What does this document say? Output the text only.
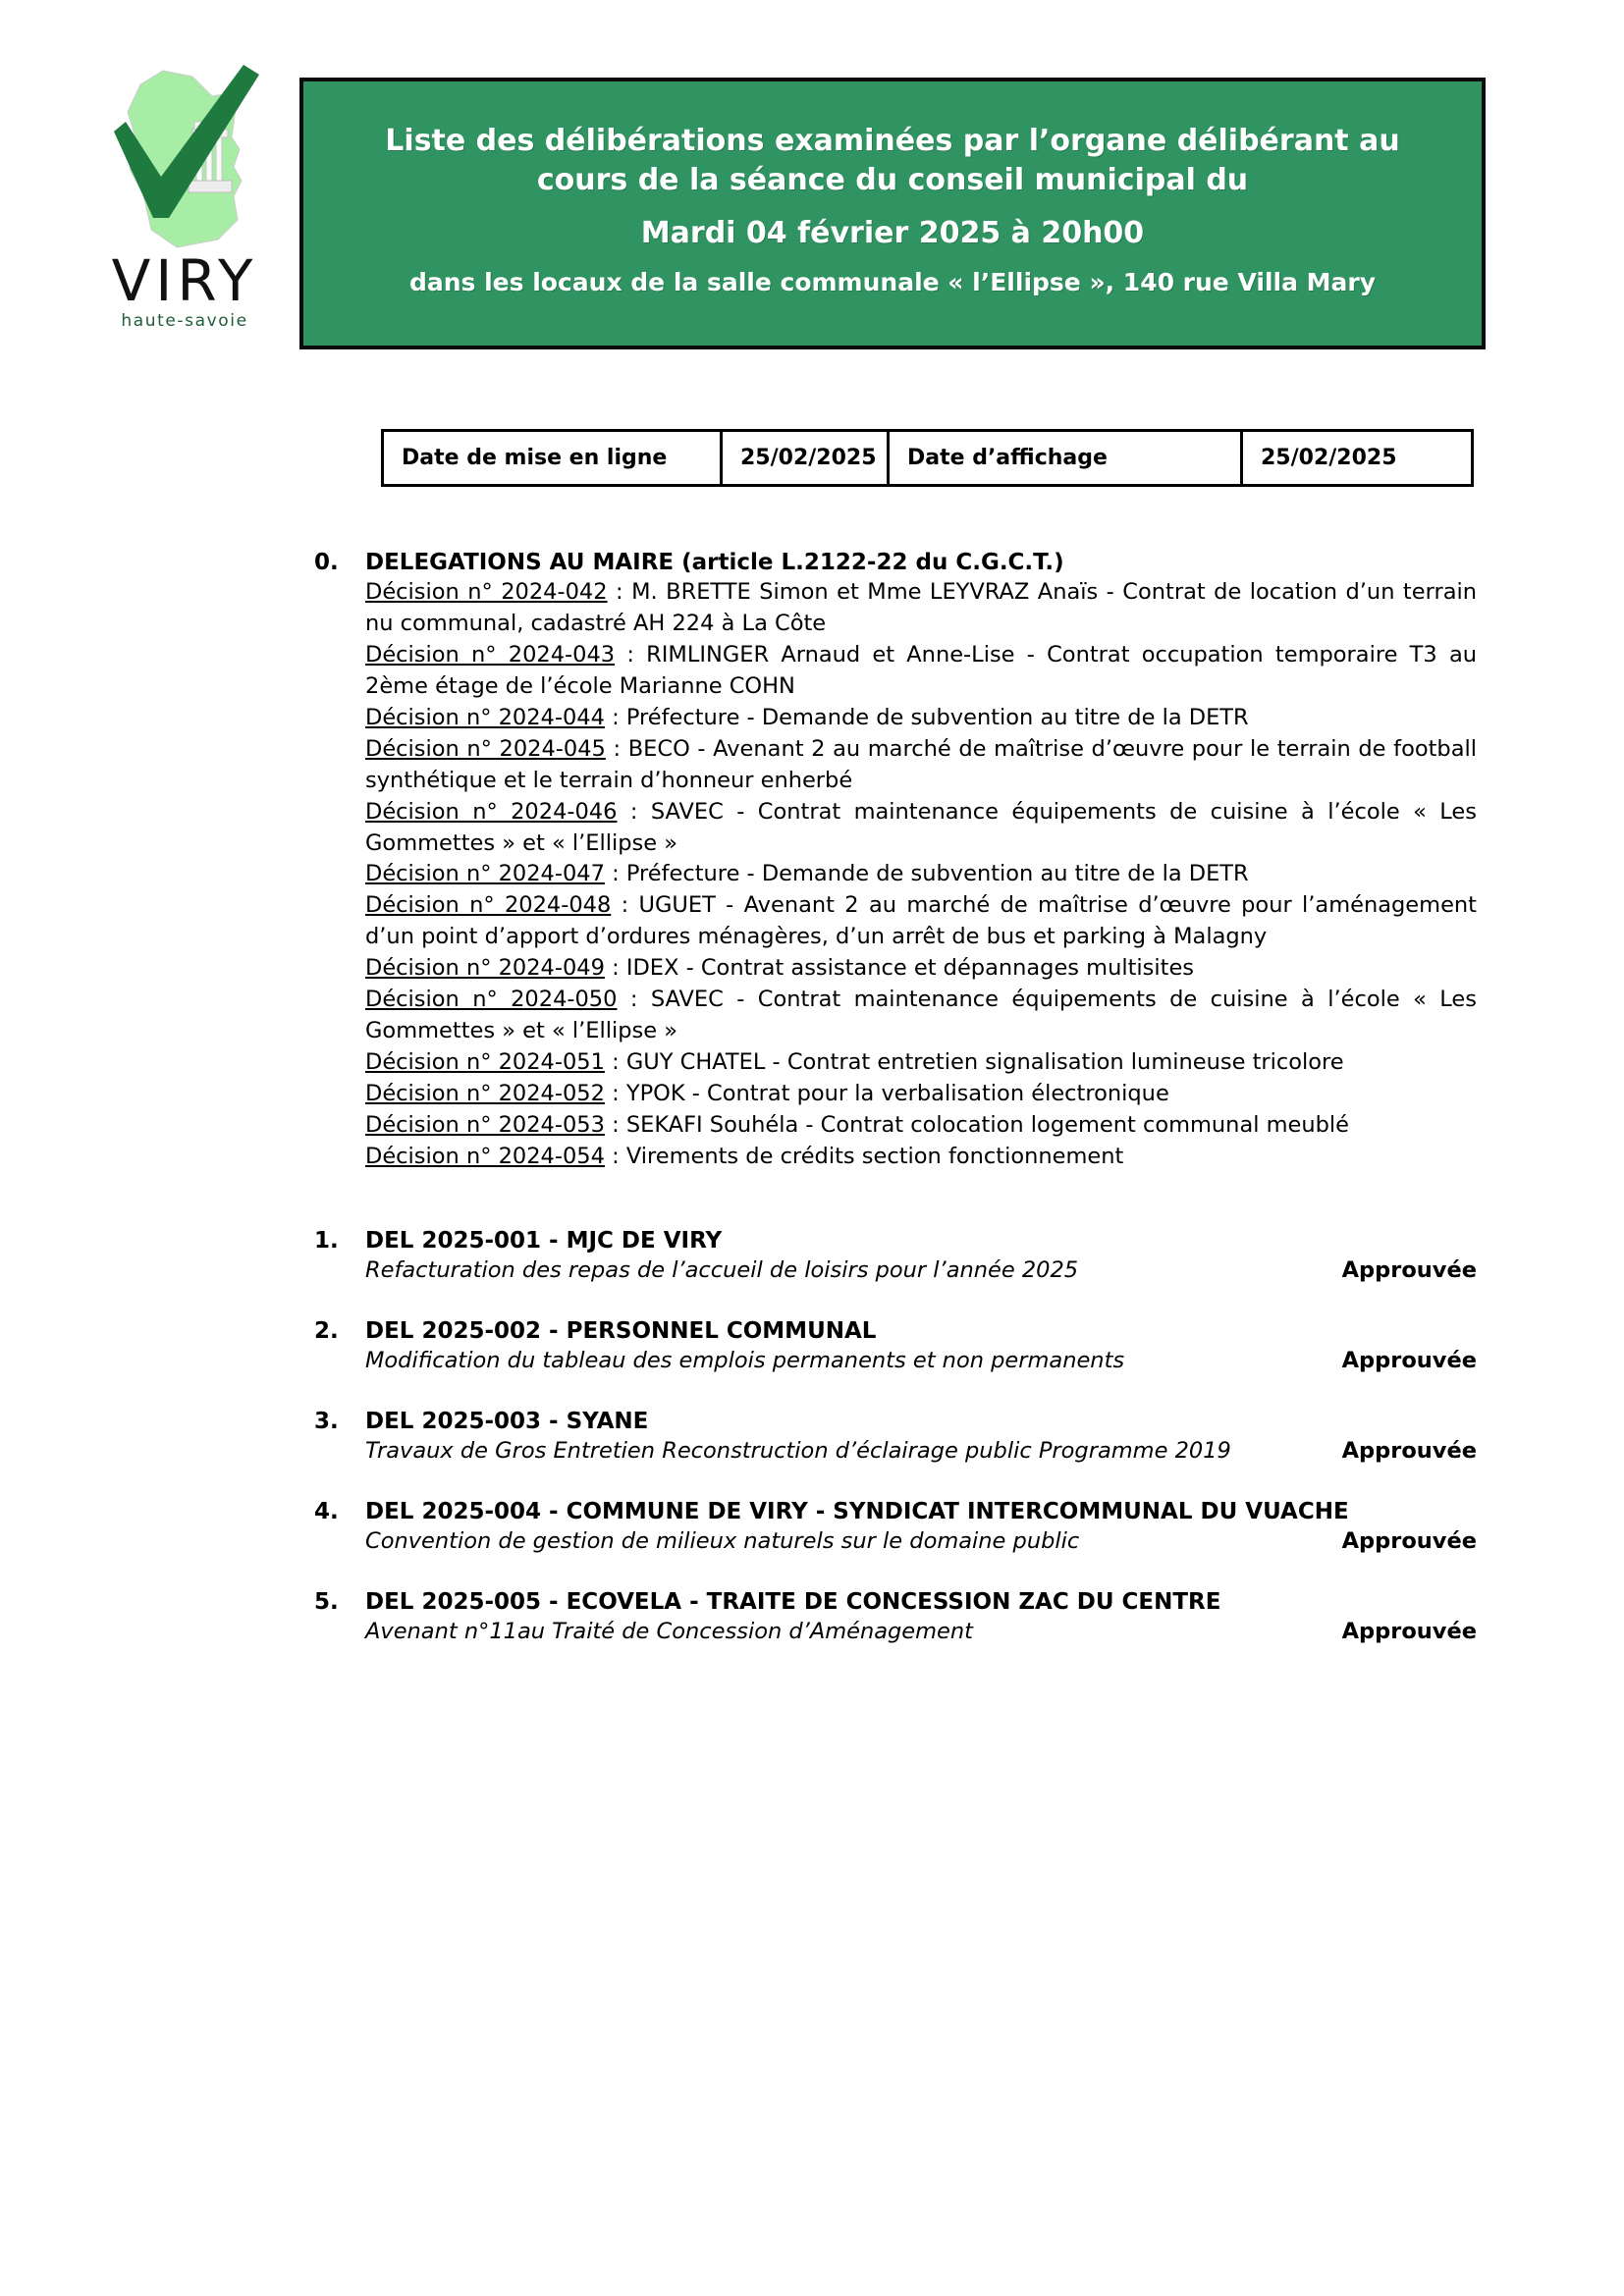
VIRY
haute-savoie
Liste des délibérations examinées par l’organe délibérant au
cours de la séance du conseil municipal du
Mardi 04 février 2025 à 20h00
dans les locaux de la salle communale « l’Ellipse », 140 rue Villa Mary
Date de mise en ligne	25/02/2025	Date d’affichage	25/02/2025
0.	DELEGATIONS AU MAIRE (article L.2122-22 du C.G.C.T.)

Décision n° 2024-042 : M. BRETTE Simon et Mme LEYVRAZ Anaïs - Contrat de location d’un terrain nu communal, cadastré AH 224 à La Côte

Décision n° 2024-043 : RIMLINGER Arnaud et Anne-Lise - Contrat occupation temporaire T3 au 2ème étage de l’école Marianne COHN

Décision n° 2024-044 : Préfecture - Demande de subvention au titre de la DETR

Décision n° 2024-045 : BECO - Avenant 2 au marché de maîtrise d’œuvre pour le terrain de football synthétique et le terrain d’honneur enherbé

Décision n° 2024-046 : SAVEC - Contrat maintenance équipements de cuisine à l’école « Les Gommettes » et « l’Ellipse »

Décision n° 2024-047 : Préfecture - Demande de subvention au titre de la DETR

Décision n° 2024-048 : UGUET - Avenant 2 au marché de maîtrise d’œuvre pour l’aménagement d’un point d’apport d’ordures ménagères, d’un arrêt de bus et parking à Malagny

Décision n° 2024-049 : IDEX - Contrat assistance et dépannages multisites

Décision n° 2024-050 : SAVEC - Contrat maintenance équipements de cuisine à l’école « Les Gommettes » et « l’Ellipse »

Décision n° 2024-051 : GUY CHATEL - Contrat entretien signalisation lumineuse tricolore

Décision n° 2024-052 : YPOK - Contrat pour la verbalisation électronique

Décision n° 2024-053 : SEKAFI Souhéla - Contrat colocation logement communal meublé

Décision n° 2024-054 : Virements de crédits section fonctionnement

1.	DEL 2025-001 - MJC DE VIRY
Refacturation des repas de l’accueil de loisirs pour l’année 2025	Approuvée
2.	DEL 2025-002 - PERSONNEL COMMUNAL
Modification du tableau des emplois permanents et non permanents	Approuvée
3.	DEL 2025-003 - SYANE
Travaux de Gros Entretien Reconstruction d’éclairage public Programme 2019	Approuvée
4.	DEL 2025-004 - COMMUNE DE VIRY - SYNDICAT INTERCOMMUNAL DU VUACHE
Convention de gestion de milieux naturels sur le domaine public	Approuvée
5.	DEL 2025-005 - ECOVELA - TRAITE DE CONCESSION ZAC DU CENTRE
Avenant n°11au Traité de Concession d’Aménagement	Approuvée
